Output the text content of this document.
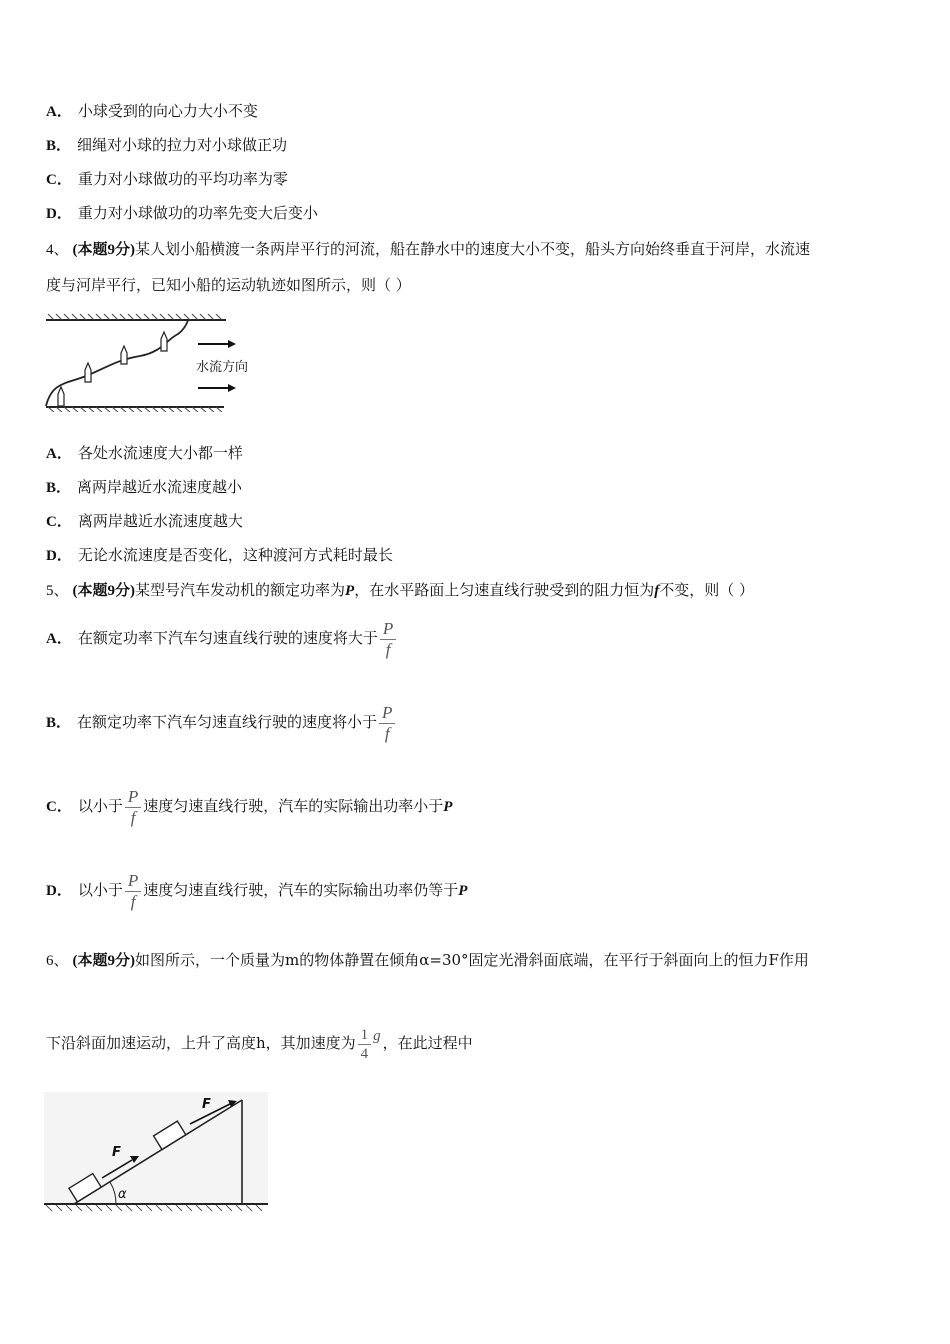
A． 小球受到的向心力大小不变
B． 细绳对小球的拉力对小球做正功
C． 重力对小球做功的平均功率为零
D． 重力对小球做功的功率先变大后变小
4、 (本题9分)某人划小船横渡一条两岸平行的河流，船在静水中的速度大小不变，船头方向始终垂直于河岸，水流速
度与河岸平行，已知小船的运动轨迹如图所示，则（ ）
水流方向
A． 各处水流速度大小都一样
B． 离两岸越近水流速度越小
C． 离两岸越近水流速度越大
D． 无论水流速度是否变化，这种渡河方式耗时最长
5、 (本题9分)某型号汽车发动机的额定功率为P，在水平路面上匀速直线行驶受到的阻力恒为f不变，则（ ）
A． 在额定功率下汽车匀速直线行驶的速度将大于 $\frac{P}{f}$
B． 在额定功率下汽车匀速直线行驶的速度将小于 $\frac{P}{f}$
C． 以小于 $\frac{P}{f}$ 速度匀速直线行驶，汽车的实际输出功率小于P
D． 以小于 $\frac{P}{f}$ 速度匀速直线行驶，汽车的实际输出功率仍等于P
6、 (本题9分)如图所示，一个质量为m的物体静置在倾角α=30°固定光滑斜面底端，在平行于斜面向上的恒力F作用
下沿斜面加速运动，上升了高度h，其加速度为 $\frac{1}{4}$ g ，在此过程中
α
F
F
